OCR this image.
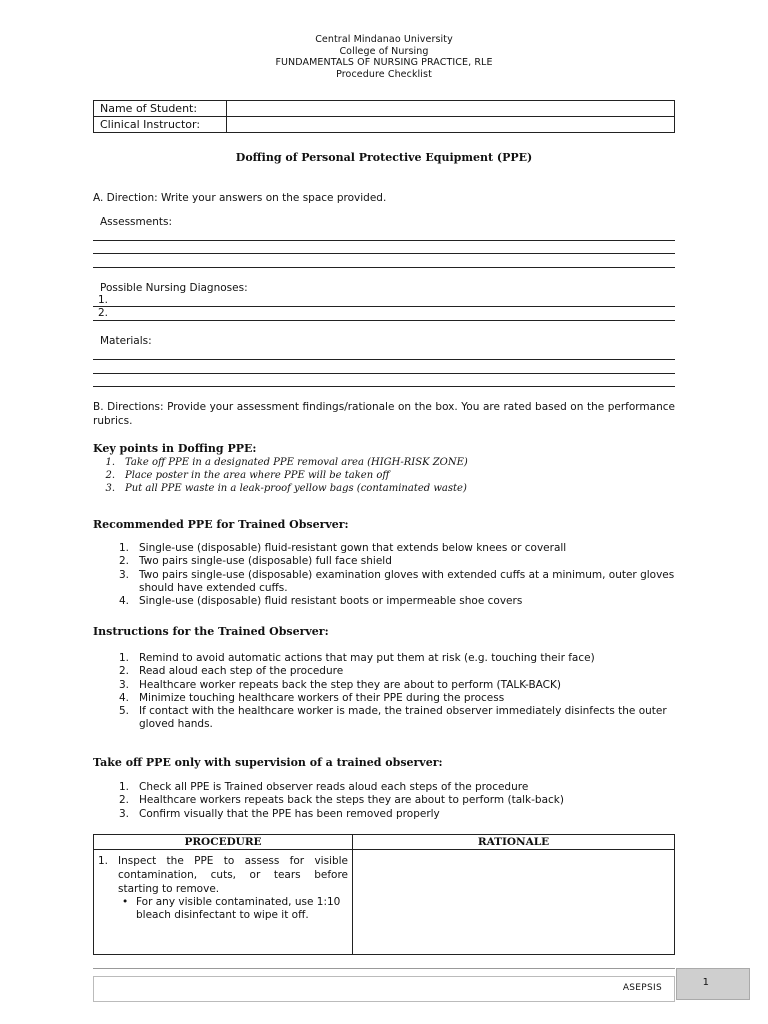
Central Mindanao University
College of Nursing
FUNDAMENTALS OF NURSING PRACTICE, RLE
Procedure Checklist
Name of Student:	
Clinical Instructor:	
Doffing of Personal Protective Equipment (PPE)
A. Direction: Write your answers on the space provided.
Assessments:
Possible Nursing Diagnoses:
1.
2.
Materials:
B. Directions: Provide your assessment findings/rationale on the box. You are rated based on the performance rubrics.
Key points in Doffing PPE:
1.	Take off PPE in a designated PPE removal area (HIGH-RISK ZONE)
2.	Place poster in the area where PPE will be taken off
3.	Put all PPE waste in a leak-proof yellow bags (contaminated waste)
Recommended PPE for Trained Observer:
1. Single-use (disposable) fluid-resistant gown that extends below knees or coverall
2. Two pairs single-use (disposable) full face shield
3. Two pairs single-use (disposable) examination gloves with extended cuffs at a minimum, outer gloves should have extended cuffs.
4. Single-use (disposable) fluid resistant boots or impermeable shoe covers
Instructions for the Trained Observer:
1. Remind to avoid automatic actions that may put them at risk (e.g. touching their face)
2. Read aloud each step of the procedure
3. Healthcare worker repeats back the step they are about to perform (TALK-BACK)
4. Minimize touching healthcare workers of their PPE during the process
5. If contact with the healthcare worker is made, the trained observer immediately disinfects the outer gloved hands.
Take off PPE only with supervision of a trained observer:
1. Check all PPE is Trained observer reads aloud each steps of the procedure
2. Healthcare workers repeats back the steps they are about to perform (talk-back)
3. Confirm visually that the PPE has been removed properly
PROCEDURE	RATIONALE

1. Inspect the PPE to assess for visible contamination, cuts, or tears before starting to remove.
• For any visible contaminated, use 1:10 bleach disinfectant to wipe it off.	

ASEPSIS	1
